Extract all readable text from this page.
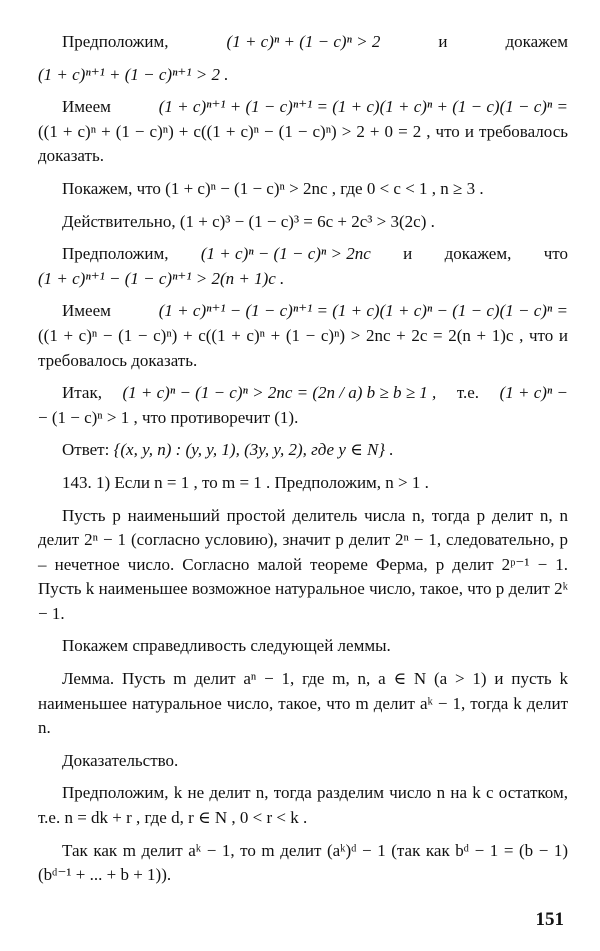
Предположим,	(1 + c)ⁿ + (1 − c)ⁿ > 2	и	докажем
(1 + c)ⁿ⁺¹ + (1 − c)ⁿ⁺¹ > 2 .
Имеем	(1 + c)ⁿ⁺¹ + (1 − c)ⁿ⁺¹ = (1 + c)(1 + c)ⁿ + (1 − c)(1 − c)ⁿ =
((1 + c)ⁿ + (1 − c)ⁿ) + c((1 + c)ⁿ − (1 − c)ⁿ) > 2 + 0 = 2 , что и требовалось доказать.
Покажем, что (1 + c)ⁿ − (1 − c)ⁿ > 2nc , где 0 < c < 1 , n ≥ 3 .
Действительно, (1 + c)³ − (1 − c)³ = 6c + 2c³ > 3(2c) .
Предположим, (1 + c)ⁿ − (1 − c)ⁿ > 2nc и докажем, что
(1 + c)ⁿ⁺¹ − (1 − c)ⁿ⁺¹ > 2(n + 1)c .
Имеем	(1 + c)ⁿ⁺¹ − (1 − c)ⁿ⁺¹ = (1 + c)(1 + c)ⁿ − (1 − c)(1 − c)ⁿ =
((1 + c)ⁿ − (1 − c)ⁿ) + c((1 + c)ⁿ + (1 − c)ⁿ) > 2nc + 2c = 2(n + 1)c , что и требовалось доказать.
Итак, (1 + c)ⁿ − (1 − c)ⁿ > 2nc = (2n / a) b ≥ b ≥ 1 , т.е. (1 + c)ⁿ −
− (1 − c)ⁿ > 1 , что противоречит (1).
Ответ: {(x, y, n) : (y, y, 1), (3y, y, 2), где y ∈ N} .
143. 1) Если n = 1 , то m = 1 . Предположим, n > 1 .
Пусть p наименьший простой делитель числа n, тогда p делит n, n делит 2ⁿ − 1 (согласно условию), значит p делит 2ⁿ − 1, следовательно, p – нечетное число. Согласно малой теореме Ферма, p делит 2ᵖ⁻¹ − 1. Пусть k наименьшее возможное натуральное число, такое, что p делит 2ᵏ − 1.
Покажем справедливость следующей леммы.
Лемма. Пусть m делит aⁿ − 1, где m, n, a ∈ N (a > 1) и пусть k наименьшее натуральное число, такое, что m делит aᵏ − 1, тогда k делит n.
Доказательство.
Предположим, k не делит n, тогда разделим число n на k с остатком, т.е. n = dk + r , где d, r ∈ N , 0 < r < k .
Так как m делит aᵏ − 1, то m делит (aᵏ)ᵈ − 1 (так как bᵈ − 1 = (b − 1)(bᵈ⁻¹ + ... + b + 1)).
151
